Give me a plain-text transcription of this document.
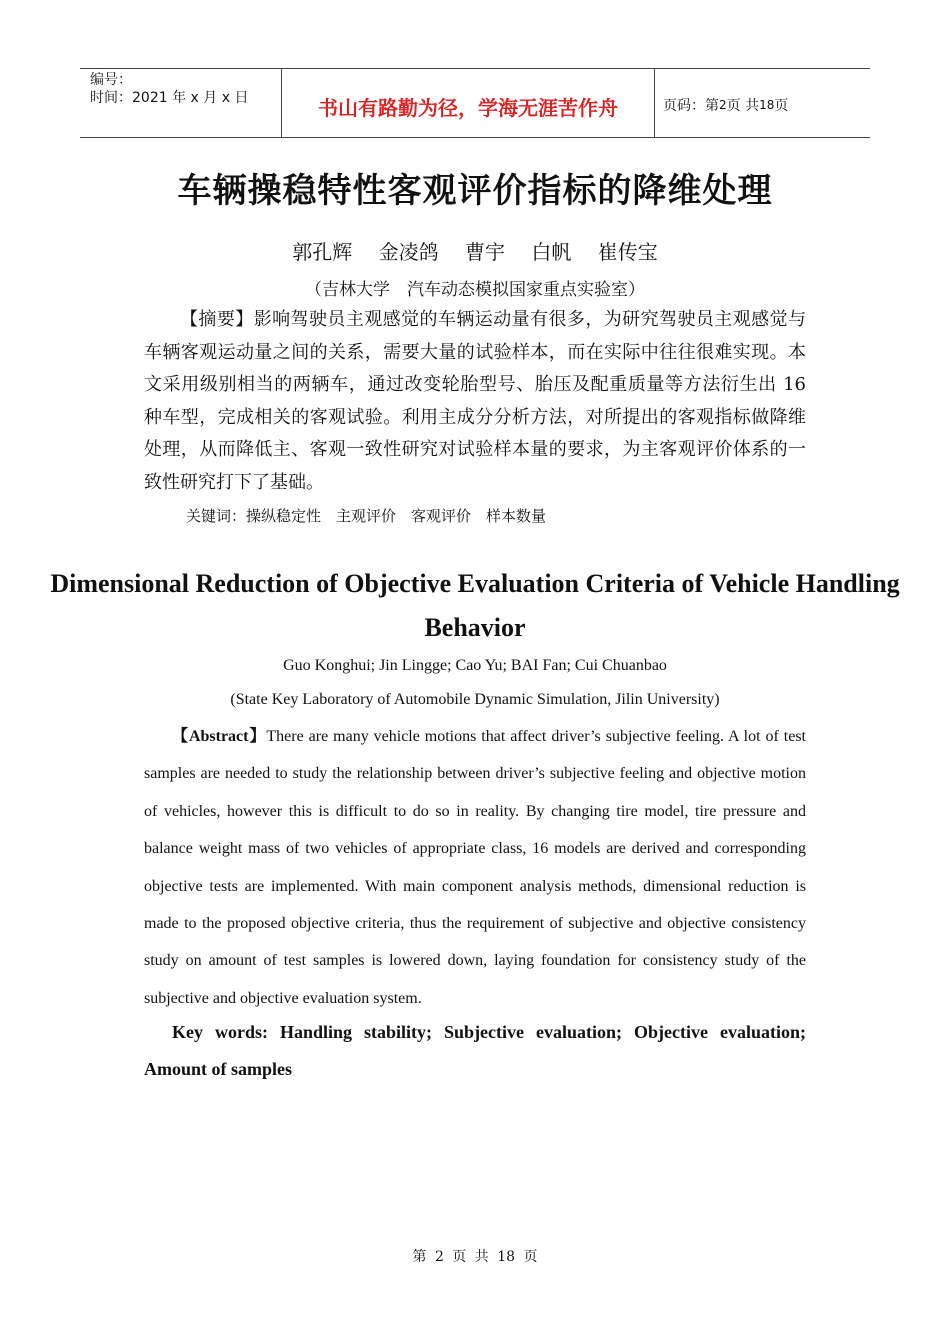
编号：
时间：2021 年 x 月 x 日	书山有路勤为径，学海无涯苦作舟	页码：第 2 页 共 18 页
车辆操稳特性客观评价指标的降维处理
郭孔辉 金凌鸽 曹宇 白帆 崔传宝
（吉林大学　汽车动态模拟国家重点实验室）

【摘要】影响驾驶员主观感觉的车辆运动量有很多，为研究驾驶员主观感觉与车辆客观运动量之间的关系，需要大量的试验样本，而在实际中往往很难实现。本文采用级别相当的两辆车，通过改变轮胎型号、胎压及配重质量等方法衍生出 16 种车型，完成相关的客观试验。利用主成分分析方法，对所提出的客观指标做降维处理，从而降低主、客观一致性研究对试验样本量的要求，为主客观评价体系的一致性研究打下了基础。

关键词：操纵稳定性　主观评价　客观评价　样本数量
Dimensional Reduction of Objective Evaluation Criteria of Vehicle Handling Behavior
Guo Konghui; Jin Lingge; Cao Yu; BAI Fan; Cui Chuanbao
(State Key Laboratory of Automobile Dynamic Simulation, Jilin University)

【Abstract】There are many vehicle motions that affect driver’s subjective feeling. A lot of test samples are needed to study the relationship between driver’s subjective feeling and objective motion of vehicles, however this is difficult to do so in reality. By changing tire model, tire pressure and balance weight mass of two vehicles of appropriate class, 16 models are derived and corresponding objective tests are implemented. With main component analysis methods, dimensional reduction is made to the proposed objective criteria, thus the requirement of subjective and objective consistency study on amount of test samples is lowered down, laying foundation for consistency study of the subjective and objective evaluation system.

Key words: Handling stability; Subjective evaluation; Objective evaluation; Amount of samples

第 2 页 共 18 页
